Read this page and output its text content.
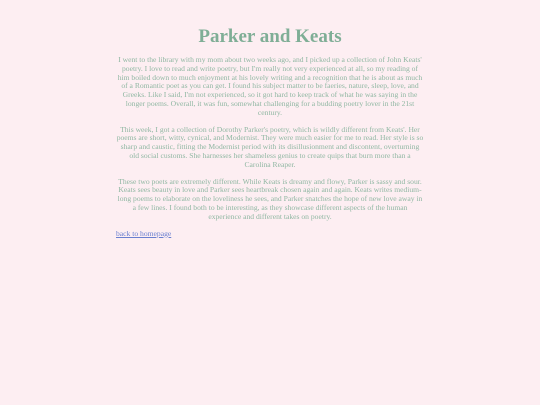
Parker and Keats

I went to the library with my mom about two weeks ago, and I picked up a collection of John Keats' poetry. I love to read and write poetry, but I'm really not very experienced at all, so my reading of him boiled down to much enjoyment at his lovely writing and a recognition that he is about as much of a Romantic poet as you can get. I found his subject matter to be faeries, nature, sleep, love, and Greeks. Like I said, I'm not experienced, so it got hard to keep track of what he was saying in the longer poems. Overall, it was fun, somewhat challenging for a budding poetry lover in the 21st century.

This week, I got a collection of Dorothy Parker's poetry, which is wildly different from Keats'. Her poems are short, witty, cynical, and Modernist. They were much easier for me to read. Her style is so sharp and caustic, fitting the Modernist period with its disillusionment and discontent, overturning old social customs. She harnesses her shameless genius to create quips that burn more than a Carolina Reaper.

These two poets are extremely different. While Keats is dreamy and flowy, Parker is sassy and sour. Keats sees beauty in love and Parker sees heartbreak chosen again and again. Keats writes medium-long poems to elaborate on the loveliness he sees, and Parker snatches the hope of new love away in a few lines. I found both to be interesting, as they showcase different aspects of the human experience and different takes on poetry.

back to homepage
